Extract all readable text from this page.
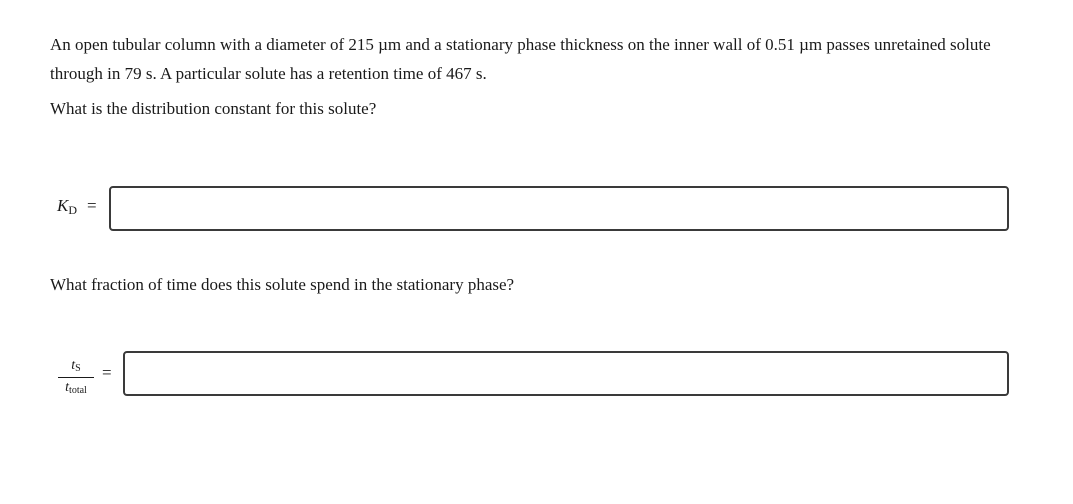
An open tubular column with a diameter of 215 µm and a stationary phase thickness on the inner wall of 0.51 µm passes unretained solute through in 79 s. A particular solute has a retention time of 467 s.

What is the distribution constant for this solute?
KD =
What fraction of time does this solute spend in the stationary phase?
tS
ttotal
=
